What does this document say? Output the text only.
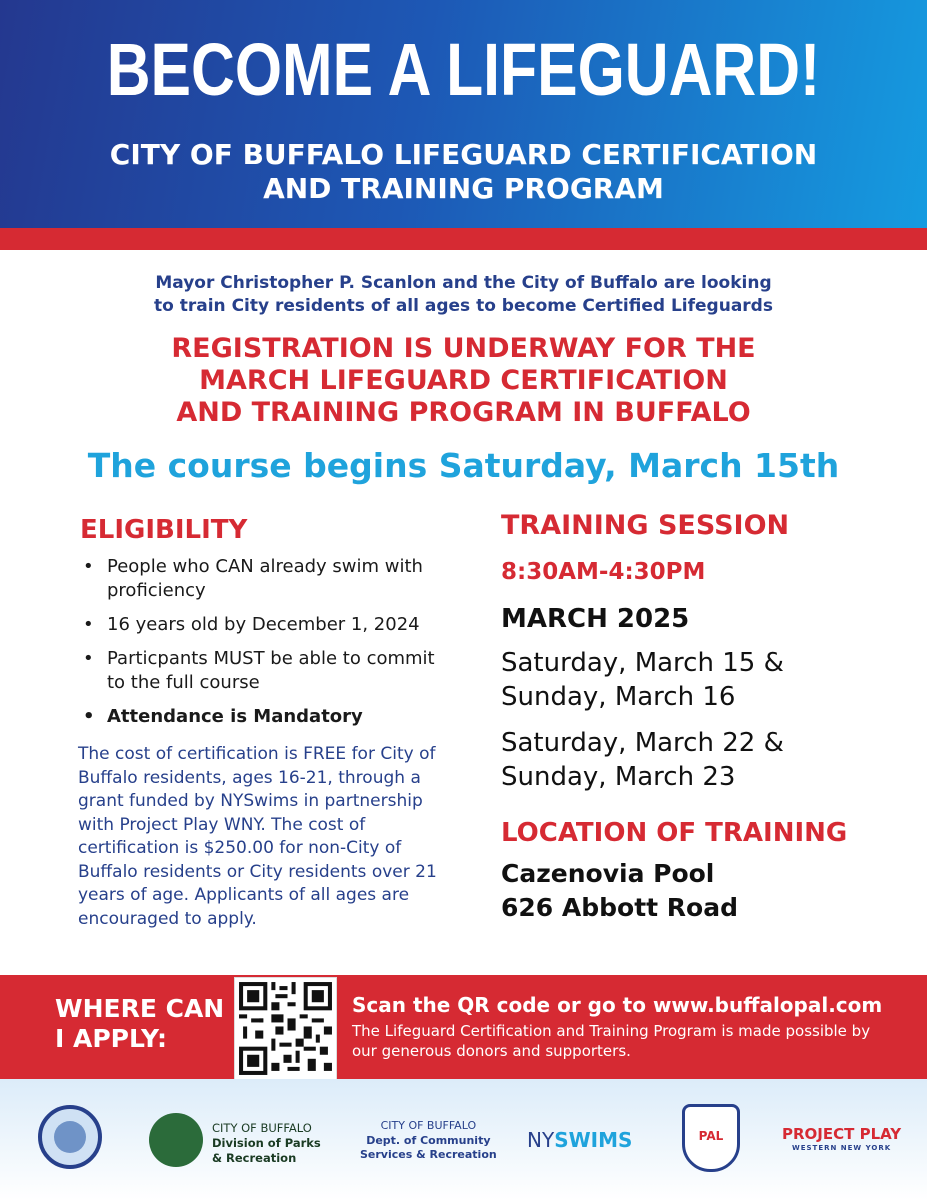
BECOME A LIFEGUARD!
CITY OF BUFFALO LIFEGUARD CERTIFICATION
AND TRAINING PROGRAM
Mayor Christopher P. Scanlon and the City of Buffalo are looking
to train City residents of all ages to become Certified Lifeguards
REGISTRATION IS UNDERWAY FOR THE
MARCH LIFEGUARD CERTIFICATION
AND TRAINING PROGRAM IN BUFFALO
The course begins Saturday, March 15th
ELIGIBILITY
• People who CAN already swim with proficiency
• 16 years old by December 1, 2024
• Particpants MUST be able to commit to the full course
• Attendance is Mandatory
The cost of certification is FREE for City of Buffalo residents, ages 16-21, through a grant funded by NYSwims in partnership with Project Play WNY. The cost of certification is $250.00 for non-City of Buffalo residents or City residents over 21 years of age. Applicants of all ages are encouraged to apply.
TRAINING SESSION
8:30AM-4:30PM
MARCH 2025
Saturday, March 15 &
Sunday, March 16
Saturday, March 22 &
Sunday, March 23
LOCATION OF TRAINING
Cazenovia Pool
626 Abbott Road
WHERE CAN
I APPLY:
Scan the QR code or go to www.buffalopal.com
The Lifeguard Certification and Training Program is made possible by our generous donors and supporters.
CITY OF BUFFALO
Division of Parks
& Recreation
CITY OF BUFFALO
Dept. of Community
Services & Recreation
NYSWIMS	PAL	PROJECT PLAY
WESTERN NEW YORK
